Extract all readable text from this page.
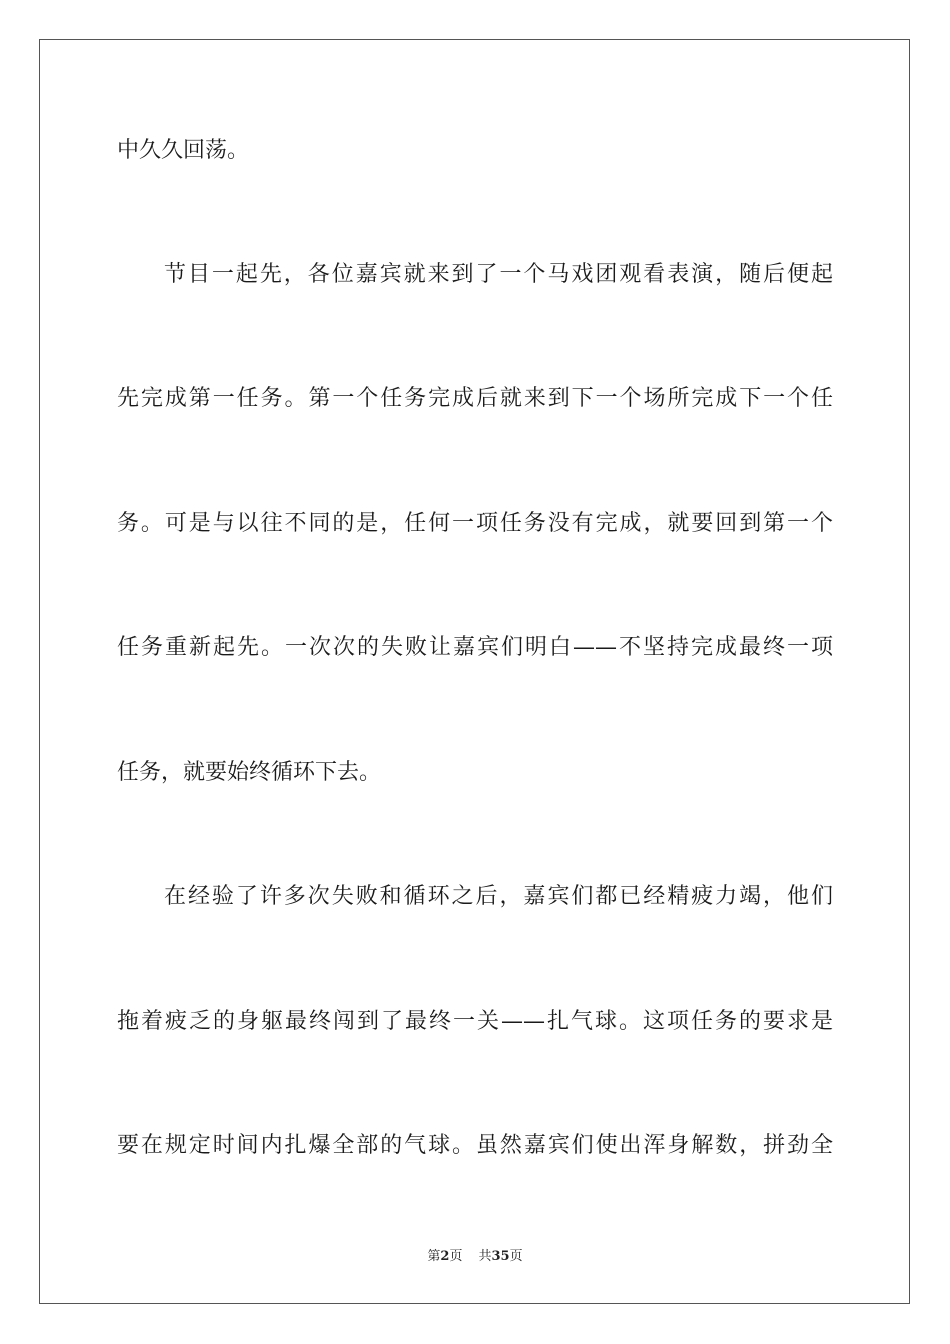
中久久回荡。
节目一起先，各位嘉宾就来到了一个马戏团观看表演，随后便起
先完成第一任务。第一个任务完成后就来到下一个场所完成下一个任
务。可是与以往不同的是，任何一项任务没有完成，就要回到第一个
任务重新起先。一次次的失败让嘉宾们明白——不坚持完成最终一项
任务，就要始终循环下去。
在经验了许多次失败和循环之后，嘉宾们都已经精疲力竭，他们
拖着疲乏的身躯最终闯到了最终一关——扎气球。这项任务的要求是
要在规定时间内扎爆全部的气球。虽然嘉宾们使出浑身解数，拼劲全
第2页 共35页
